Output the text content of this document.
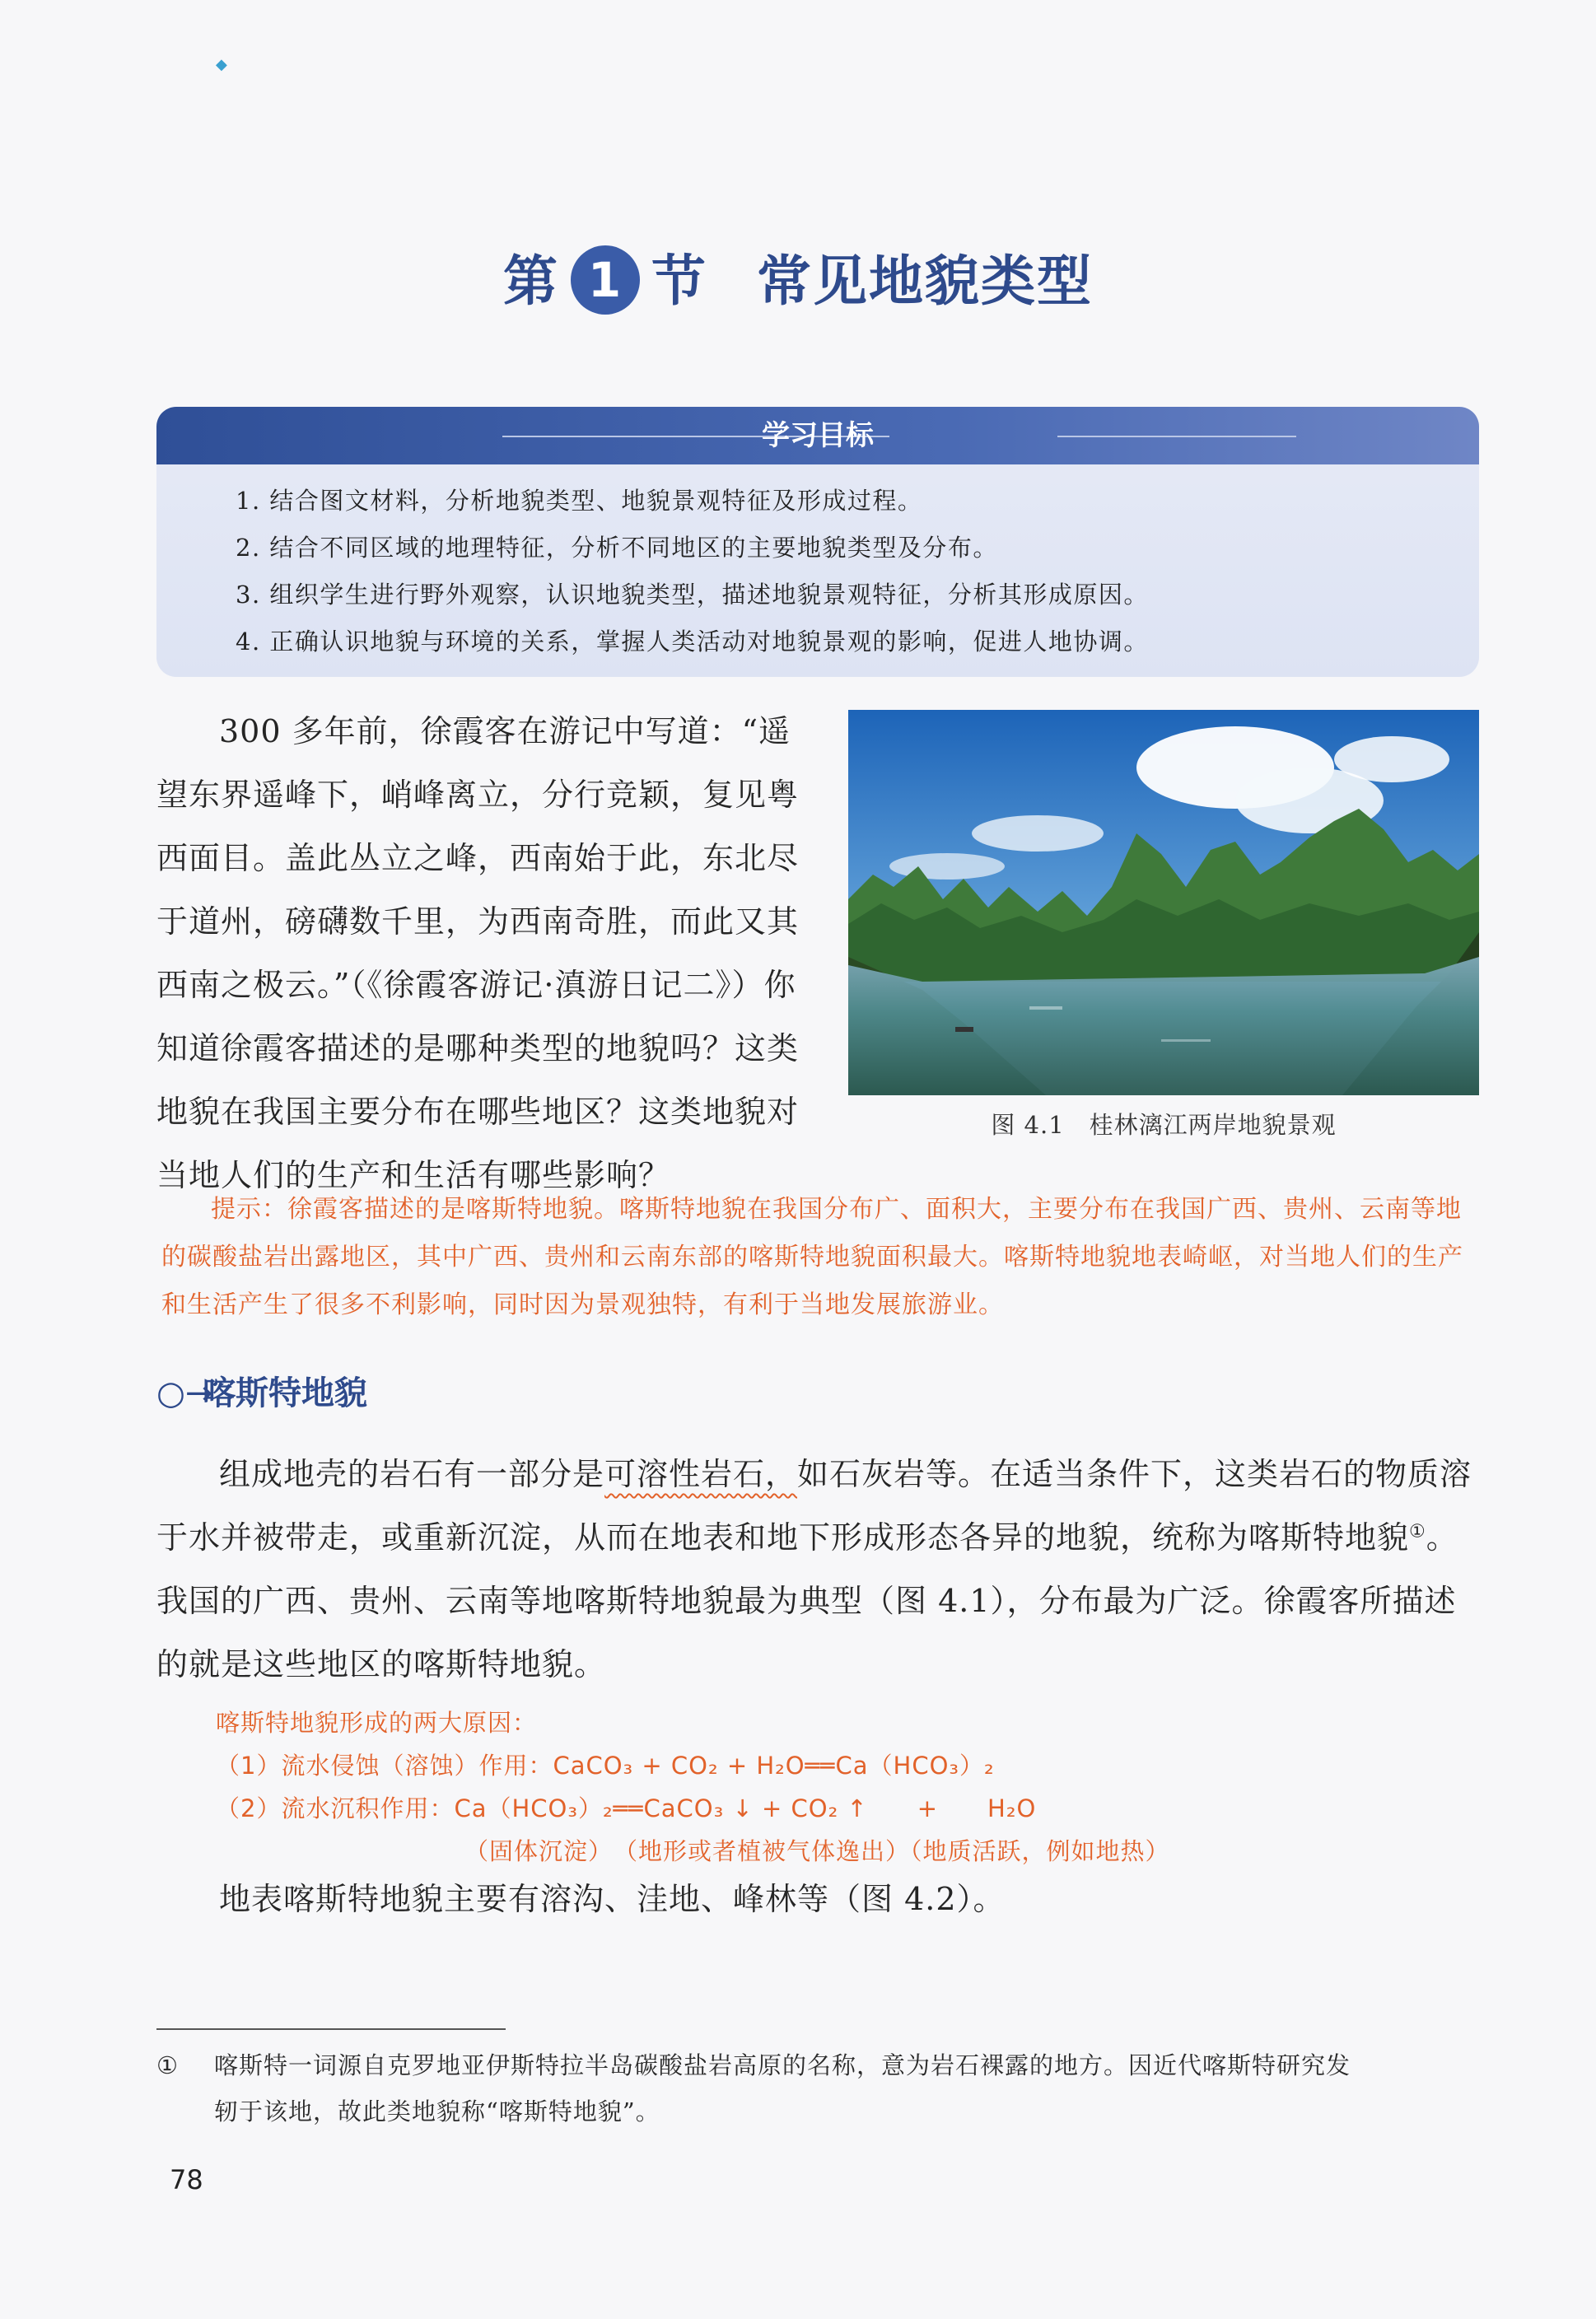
◆
第 1 节 常见地貌类型
学习目标
1. 结合图文材料，分析地貌类型、地貌景观特征及形成过程。
2. 结合不同区域的地理特征，分析不同地区的主要地貌类型及分布。
3. 组织学生进行野外观察，认识地貌类型，描述地貌景观特征，分析其形成原因。
4. 正确认识地貌与环境的关系，掌握人类活动对地貌景观的影响，促进人地协调。

300 多年前，徐霞客在游记中写道：“遥望东界遥峰下，峭峰离立，分行竞颖，复见粤西面目。盖此丛立之峰，西南始于此，东北尽于道州，磅礴数千里，为西南奇胜，而此又其西南之极云。”（《徐霞客游记·滇游日记二》）你知道徐霞客描述的是哪种类型的地貌吗？这类地貌在我国主要分布在哪些地区？这类地貌对当地人们的生产和生活有哪些影响？

图 4.1 桂林漓江两岸地貌景观

提示：徐霞客描述的是喀斯特地貌。喀斯特地貌在我国分布广、面积大，主要分布在我国广西、贵州、云南等地的碳酸盐岩出露地区，其中广西、贵州和云南东部的喀斯特地貌面积最大。喀斯特地貌地表崎岖，对当地人们的生产和生活产生了很多不利影响，同时因为景观独特，有利于当地发展旅游业。

○→喀斯特地貌

组成地壳的岩石有一部分是可溶性岩石，如石灰岩等。在适当条件下，这类岩石的物质溶于水并被带走，或重新沉淀，从而在地表和地下形成形态各异的地貌，统称为喀斯特地貌①。我国的广西、贵州、云南等地喀斯特地貌最为典型（图 4.1），分布最为广泛。徐霞客所描述的就是这些地区的喀斯特地貌。

喀斯特地貌形成的两大原因：
（1）流水侵蚀（溶蚀）作用：CaCO₃ + CO₂ + H₂O══Ca（HCO₃）₂
（2）流水沉积作用：Ca（HCO₃）₂══CaCO₃ ↓ + CO₂ ↑　　+　　H₂O
（固体沉淀）　（地形或者植被气体逸出）（地质活跃，例如地热）

地表喀斯特地貌主要有溶沟、洼地、峰林等（图 4.2）。

① 喀斯特一词源自克罗地亚伊斯特拉半岛碳酸盐岩高原的名称，意为岩石裸露的地方。因近代喀斯特研究发
轫于该地，故此类地貌称“喀斯特地貌”。
78
